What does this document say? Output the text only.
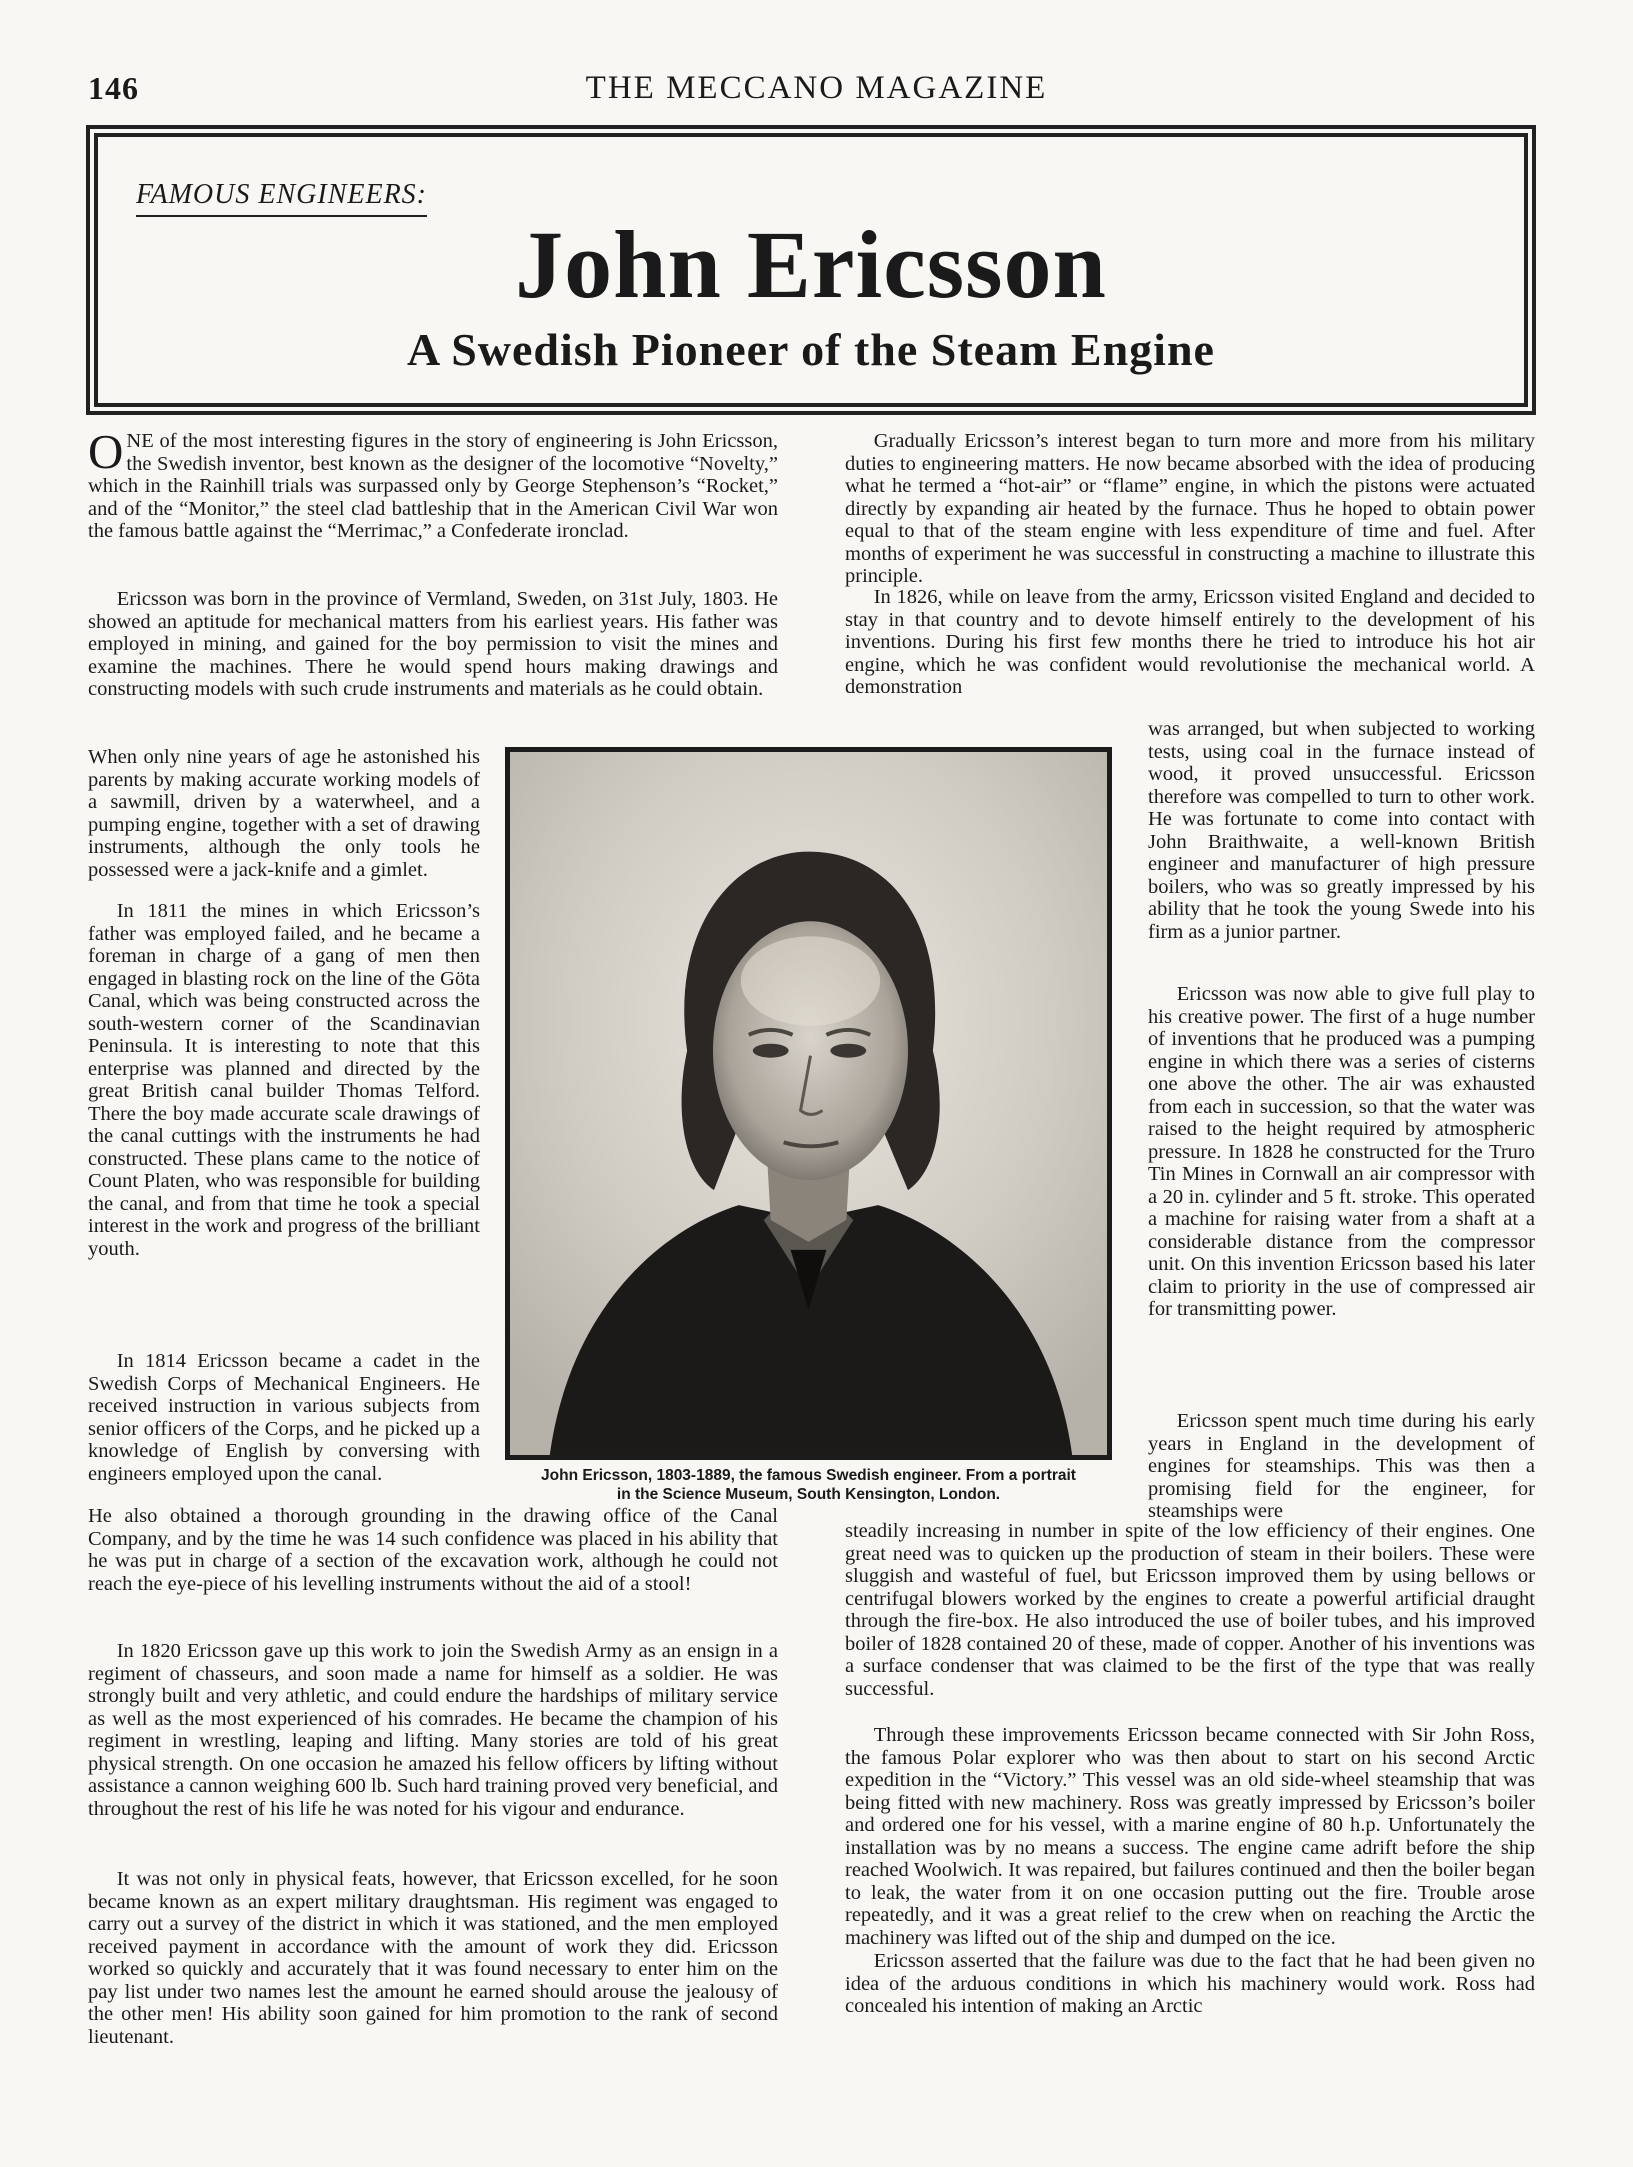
146	THE MECCANO MAGAZINE
FAMOUS ENGINEERS:
John Ericsson
A Swedish Pioneer of the Steam Engine

ONE of the most interesting figures in the story of engineering is John Ericsson, the Swedish inventor, best known as the designer of the locomotive “Novelty,” which in the Rainhill trials was surpassed only by George Stephenson’s “Rocket,” and of the “Monitor,” the steel clad battleship that in the American Civil War won the famous battle against the “Merrimac,” a Confederate ironclad.

Ericsson was born in the province of Vermland, Sweden, on 31st July, 1803. He showed an aptitude for mechanical matters from his earliest years. His father was employed in mining, and gained for the boy permission to visit the mines and examine the machines. There he would spend hours making drawings and constructing models with such crude instruments and materials as he could obtain.

When only nine years of age he astonished his parents by making accurate working models of a sawmill, driven by a waterwheel, and a pumping engine, together with a set of drawing instruments, although the only tools he possessed were a jack-knife and a gimlet.

In 1811 the mines in which Ericsson’s father was employed failed, and he became a foreman in charge of a gang of men then engaged in blasting rock on the line of the Göta Canal, which was being constructed across the south-western corner of the Scandinavian Peninsula. It is interesting to note that this enterprise was planned and directed by the great British canal builder Thomas Telford. There the boy made accurate scale drawings of the canal cuttings with the instruments he had constructed. These plans came to the notice of Count Platen, who was responsible for building the canal, and from that time he took a special interest in the work and progress of the brilliant youth.

In 1814 Ericsson became a cadet in the Swedish Corps of Mechanical Engineers. He received instruction in various subjects from senior officers of the Corps, and he picked up a knowledge of English by conversing with engineers employed upon the canal.

He also obtained a thorough grounding in the drawing office of the Canal Company, and by the time he was 14 such confidence was placed in his ability that he was put in charge of a section of the excavation work, although he could not reach the eye-piece of his levelling instruments without the aid of a stool!

In 1820 Ericsson gave up this work to join the Swedish Army as an ensign in a regiment of chasseurs, and soon made a name for himself as a soldier. He was strongly built and very athletic, and could endure the hardships of military service as well as the most experienced of his comrades. He became the champion of his regiment in wrestling, leaping and lifting. Many stories are told of his great physical strength. On one occasion he amazed his fellow officers by lifting without assistance a cannon weighing 600 lb. Such hard training proved very beneficial, and throughout the rest of his life he was noted for his vigour and endurance.

It was not only in physical feats, however, that Ericsson excelled, for he soon became known as an expert military draughtsman. His regiment was engaged to carry out a survey of the district in which it was stationed, and the men employed received payment in accordance with the amount of work they did. Ericsson worked so quickly and accurately that it was found necessary to enter him on the pay list under two names lest the amount he earned should arouse the jealousy of the other men! His ability soon gained for him promotion to the rank of second lieutenant.

Gradually Ericsson’s interest began to turn more and more from his military duties to engineering matters. He now became absorbed with the idea of producing what he termed a “hot-air” or “flame” engine, in which the pistons were actuated directly by expanding air heated by the furnace. Thus he hoped to obtain power equal to that of the steam engine with less expenditure of time and fuel. After months of experiment he was successful in constructing a machine to illustrate this principle.

In 1826, while on leave from the army, Ericsson visited England and decided to stay in that country and to devote himself entirely to the development of his inventions. During his first few months there he tried to introduce his hot air engine, which he was confident would revolutionise the mechanical world. A demonstration

was arranged, but when subjected to working tests, using coal in the furnace instead of wood, it proved unsuccessful. Ericsson therefore was compelled to turn to other work. He was fortunate to come into contact with John Braithwaite, a well-known British engineer and manufacturer of high pressure boilers, who was so greatly impressed by his ability that he took the young Swede into his firm as a junior partner.

Ericsson was now able to give full play to his creative power. The first of a huge number of inventions that he produced was a pumping engine in which there was a series of cisterns one above the other. The air was exhausted from each in succession, so that the water was raised to the height required by atmospheric pressure. In 1828 he constructed for the Truro Tin Mines in Cornwall an air compressor with a 20 in. cylinder and 5 ft. stroke. This operated a machine for raising water from a shaft at a considerable distance from the compressor unit. On this invention Ericsson based his later claim to priority in the use of compressed air for transmitting power.

Ericsson spent much time during his early years in England in the development of engines for steamships. This was then a promising field for the engineer, for steamships were

steadily increasing in number in spite of the low efficiency of their engines. One great need was to quicken up the production of steam in their boilers. These were sluggish and wasteful of fuel, but Ericsson improved them by using bellows or centrifugal blowers worked by the engines to create a powerful artificial draught through the fire-box. He also introduced the use of boiler tubes, and his improved boiler of 1828 contained 20 of these, made of copper. Another of his inventions was a surface condenser that was claimed to be the first of the type that was really successful.

Through these improvements Ericsson became connected with Sir John Ross, the famous Polar explorer who was then about to start on his second Arctic expedition in the “Victory.” This vessel was an old side-wheel steamship that was being fitted with new machinery. Ross was greatly impressed by Ericsson’s boiler and ordered one for his vessel, with a marine engine of 80 h.p. Unfortunately the installation was by no means a success. The engine came adrift before the ship reached Woolwich. It was repaired, but failures continued and then the boiler began to leak, the water from it on one occasion putting out the fire. Trouble arose repeatedly, and it was a great relief to the crew when on reaching the Arctic the machinery was lifted out of the ship and dumped on the ice.

Ericsson asserted that the failure was due to the fact that he had been given no idea of the arduous conditions in which his machinery would work. Ross had concealed his intention of making an Arctic

John Ericsson, 1803-1889, the famous Swedish engineer. From a portrait
in the Science Museum, South Kensington, London.
